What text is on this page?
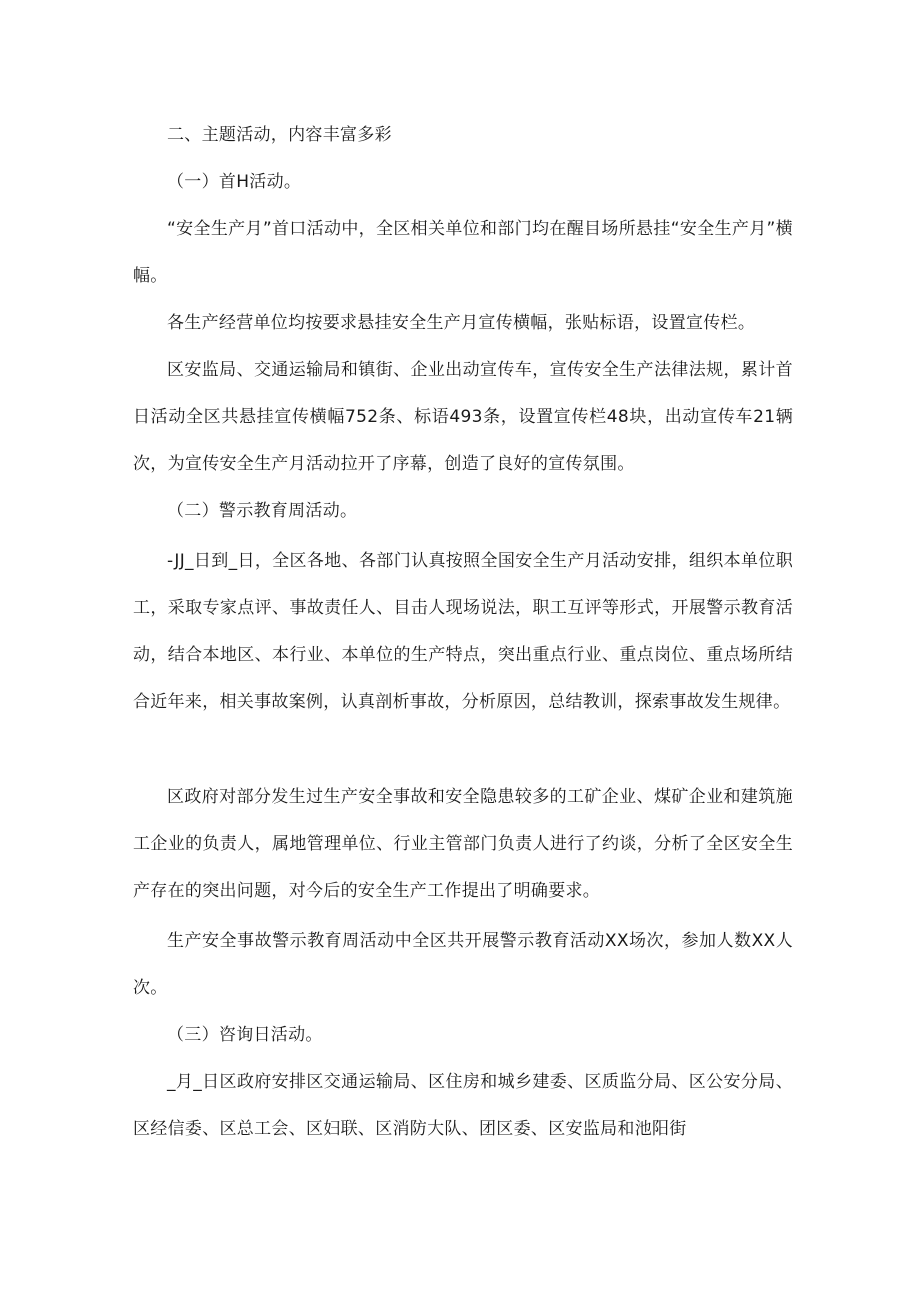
二、主题活动，内容丰富多彩

（一）首H活动。

“安全生产月”首口活动中，全区相关单位和部门均在醒目场所悬挂“安全生产月”横幅。

各生产经营单位均按要求悬挂安全生产月宣传横幅，张贴标语，设置宣传栏。

区安监局、交通运输局和镇街、企业出动宣传车，宣传安全生产法律法规，累计首日活动全区共悬挂宣传横幅752条、标语493条，设置宣传栏48块，出动宣传车21辆次，为宣传安全生产月活动拉开了序幕，创造了良好的宣传氛围。

（二）警示教育周活动。

-JJ_日到_日，全区各地、各部门认真按照全国安全生产月活动安排，组织本单位职工，采取专家点评、事故责任人、目击人现场说法，职工互评等形式，开展警示教育活动，结合本地区、本行业、本单位的生产特点，突出重点行业、重点岗位、重点场所结合近年来，相关事故案例，认真剖析事故，分析原因，总结教训，探索事故发生规律。

区政府对部分发生过生产安全事故和安全隐患较多的工矿企业、煤矿企业和建筑施工企业的负责人，属地管理单位、行业主管部门负责人进行了约谈，分析了全区安全生产存在的突出问题，对今后的安全生产工作提出了明确要求。

生产安全事故警示教育周活动中全区共开展警示教育活动XX场次，参加人数XX人次。

（三）咨询日活动。

_月_日区政府安排区交通运输局、区住房和城乡建委、区质监分局、区公安分局、区经信委、区总工会、区妇联、区消防大队、团区委、区安监局和池阳街
